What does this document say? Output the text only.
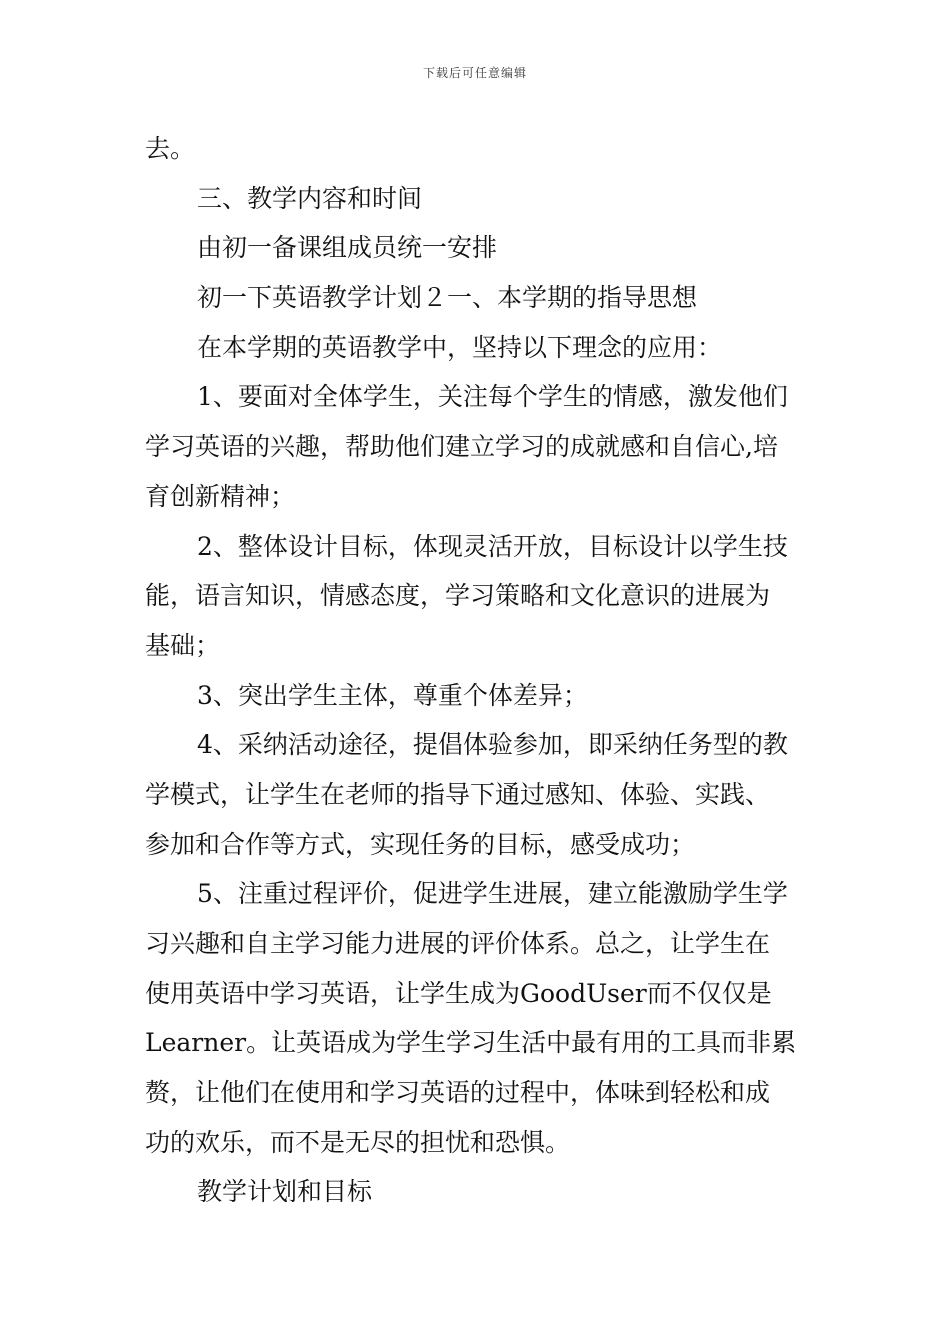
下载后可任意编辑
去。
三、教学内容和时间
由初一备课组成员统一安排
初一下英语教学计划２一、本学期的指导思想
在本学期的英语教学中，坚持以下理念的应用：
1、要面对全体学生，关注每个学生的情感，激发他们
学习英语的兴趣，帮助他们建立学习的成就感和自信心,培
育创新精神；
2、整体设计目标，体现灵活开放，目标设计以学生技
能，语言知识，情感态度，学习策略和文化意识的进展为
基础；
3、突出学生主体，尊重个体差异；
4、采纳活动途径，提倡体验参加，即采纳任务型的教
学模式，让学生在老师的指导下通过感知、体验、实践、
参加和合作等方式，实现任务的目标，感受成功；
5、注重过程评价，促进学生进展，建立能激励学生学
习兴趣和自主学习能力进展的评价体系。总之，让学生在
使用英语中学习英语，让学生成为GoodUser而不仅仅是
Learner。让英语成为学生学习生活中最有用的工具而非累
赘，让他们在使用和学习英语的过程中，体味到轻松和成
功的欢乐，而不是无尽的担忧和恐惧。
教学计划和目标
